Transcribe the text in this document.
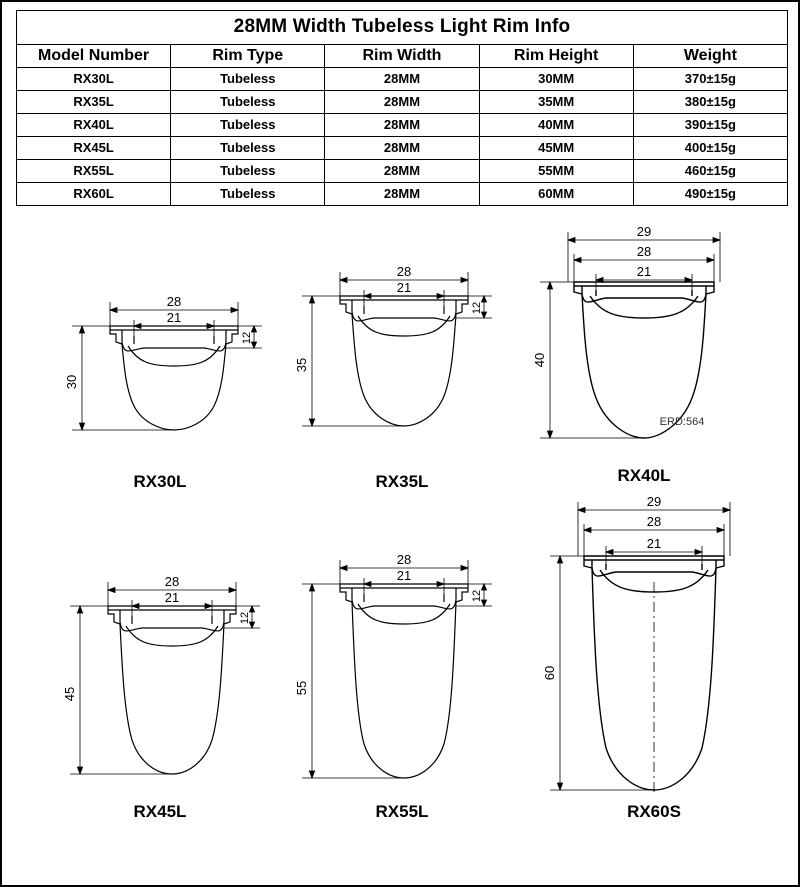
28MM Width Tubeless Light Rim Info				
Model Number	Rim Type	Rim Width	Rim Height	Weight
RX30L	Tubeless	28MM	30MM	370±15g
RX35L	Tubeless	28MM	35MM	380±15g
RX40L	Tubeless	28MM	40MM	390±15g
RX45L	Tubeless	28MM	45MM	400±15g
RX55L	Tubeless	28MM	55MM	460±15g
RX60L	Tubeless	28MM	60MM	490±15g
28
21
30
12
RX30L
28
21
35
12
RX35L
29
28
21
40
ERD:564
RX40L
28
21
45
12
RX45L
28
21
55
12
RX55L
29
28
21
60
RX60S
